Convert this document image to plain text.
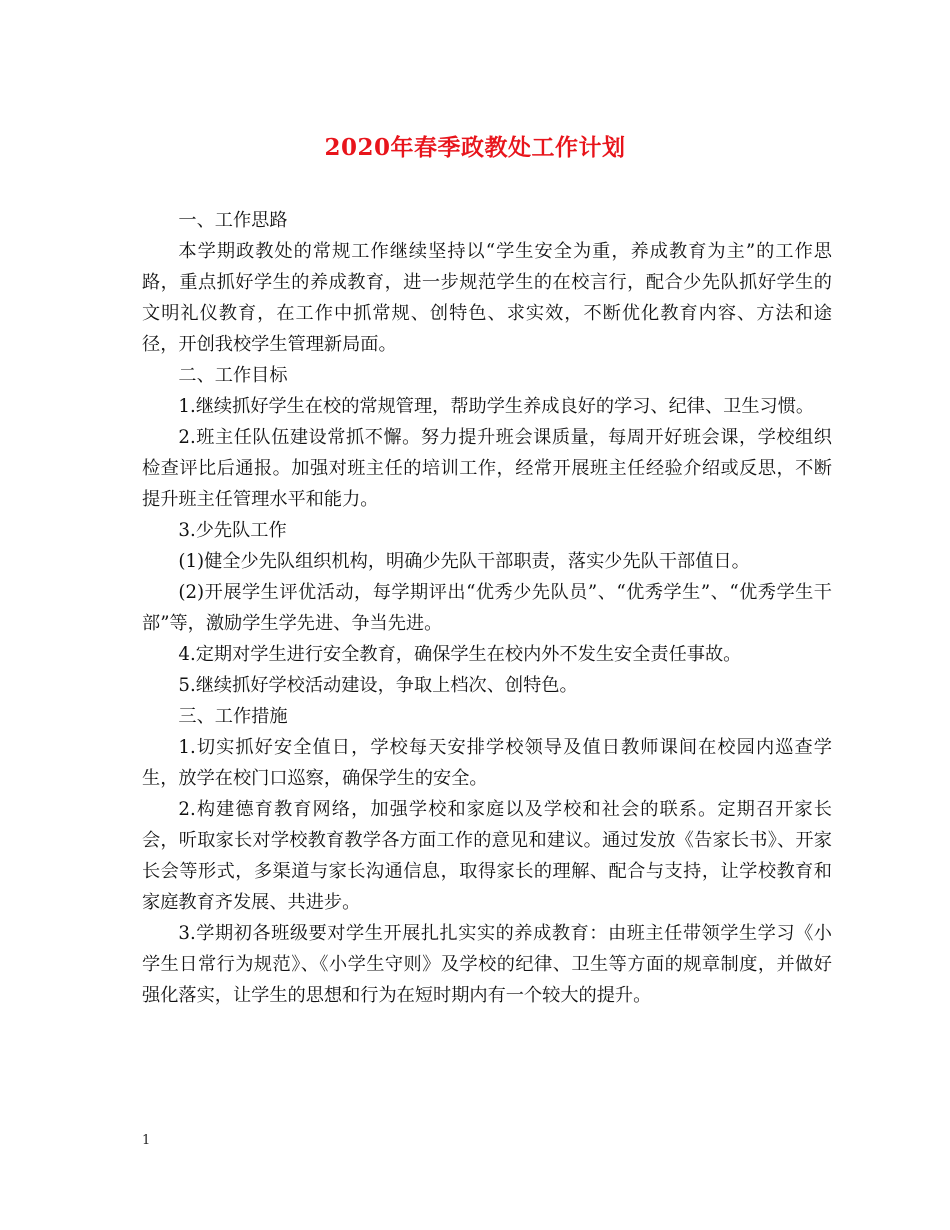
2020年春季政教处工作计划

一、工作思路

本学期政教处的常规工作继续坚持以“学生安全为重，养成教育为主”的工作思路，重点抓好学生的养成教育，进一步规范学生的在校言行，配合少先队抓好学生的文明礼仪教育，在工作中抓常规、创特色、求实效，不断优化教育内容、方法和途径，开创我校学生管理新局面。

二、工作目标

1.继续抓好学生在校的常规管理，帮助学生养成良好的学习、纪律、卫生习惯。

2.班主任队伍建设常抓不懈。努力提升班会课质量，每周开好班会课，学校组织检查评比后通报。加强对班主任的培训工作，经常开展班主任经验介绍或反思，不断提升班主任管理水平和能力。

3.少先队工作

(1)健全少先队组织机构，明确少先队干部职责，落实少先队干部值日。

(2)开展学生评优活动，每学期评出“优秀少先队员”、“优秀学生”、“优秀学生干部”等，激励学生学先进、争当先进。

4.定期对学生进行安全教育，确保学生在校内外不发生安全责任事故。

5.继续抓好学校活动建设，争取上档次、创特色。

三、工作措施

1.切实抓好安全值日，学校每天安排学校领导及值日教师课间在校园内巡查学生，放学在校门口巡察，确保学生的安全。

2.构建德育教育网络，加强学校和家庭以及学校和社会的联系。定期召开家长会，听取家长对学校教育教学各方面工作的意见和建议。通过发放《告家长书》、开家长会等形式，多渠道与家长沟通信息，取得家长的理解、配合与支持，让学校教育和家庭教育齐发展、共进步。

3.学期初各班级要对学生开展扎扎实实的养成教育：由班主任带领学生学习《小学生日常行为规范》、《小学生守则》及学校的纪律、卫生等方面的规章制度，并做好强化落实，让学生的思想和行为在短时期内有一个较大的提升。

1
